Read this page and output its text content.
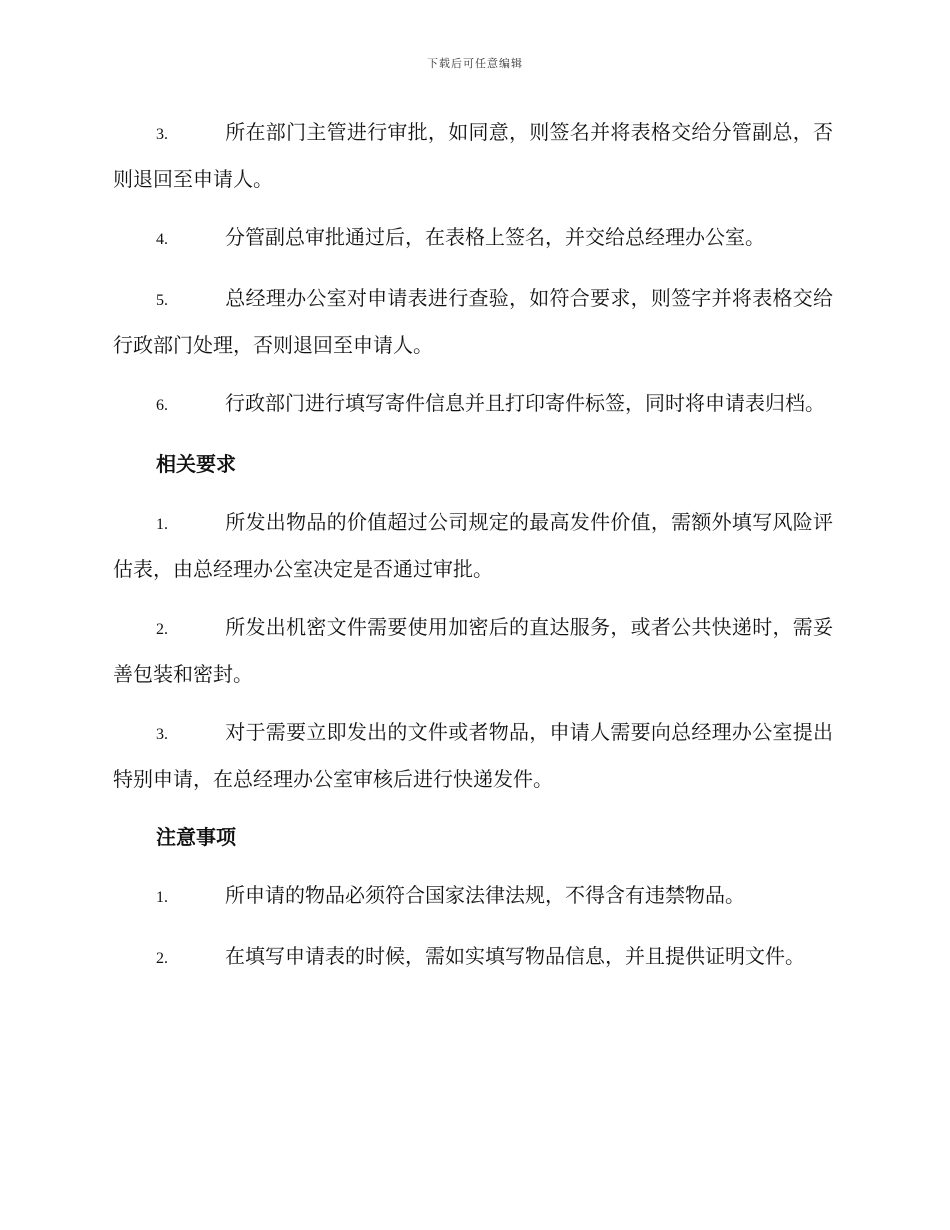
下载后可任意编辑

3.	所在部门主管进行审批，如同意，则签名并将表格交给分管副总，否则退回至申请人。

4.	分管副总审批通过后，在表格上签名，并交给总经理办公室。

5.	总经理办公室对申请表进行查验，如符合要求，则签字并将表格交给行政部门处理，否则退回至申请人。

6.	行政部门进行填写寄件信息并且打印寄件标签，同时将申请表归档。

相关要求

1.	所发出物品的价值超过公司规定的最高发件价值，需额外填写风险评估表，由总经理办公室决定是否通过审批。

2.	所发出机密文件需要使用加密后的直达服务，或者公共快递时，需妥善包装和密封。

3.	对于需要立即发出的文件或者物品，申请人需要向总经理办公室提出特别申请，在总经理办公室审核后进行快递发件。

注意事项

1.	所申请的物品必须符合国家法律法规，不得含有违禁物品。

2.	在填写申请表的时候，需如实填写物品信息，并且提供证明文件。
